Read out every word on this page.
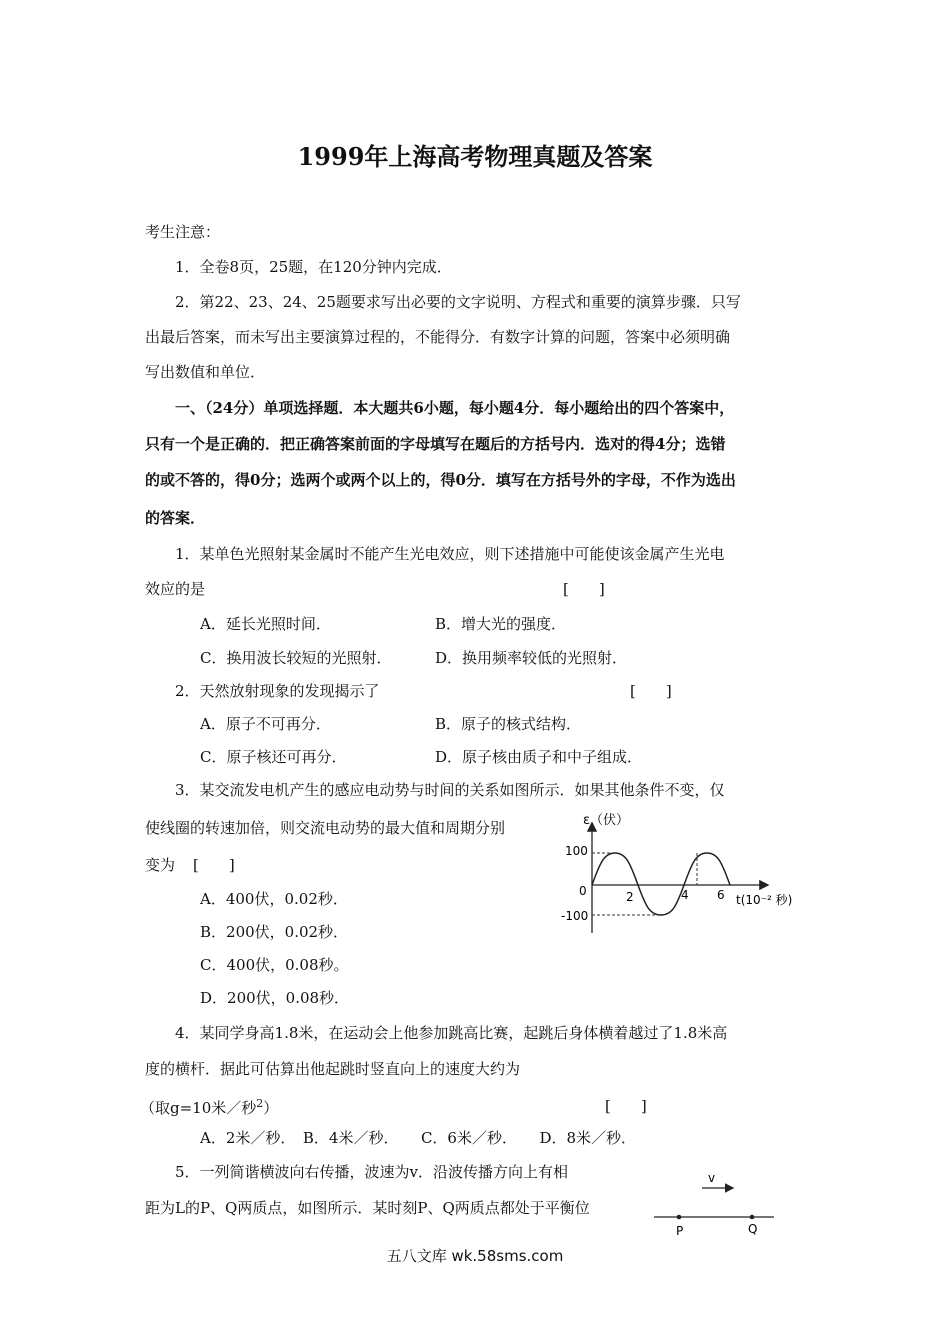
1999年上海高考物理真题及答案
考生注意：
1．全卷8页，25题，在120分钟内完成．
2．第22、23、24、25题要求写出必要的文字说明、方程式和重要的演算步骤．只写
出最后答案，而未写出主要演算过程的，不能得分．有数字计算的问题，答案中必须明确
写出数值和单位．
一、（24分）单项选择题．本大题共6小题，每小题4分．每小题给出的四个答案中，
只有一个是正确的．把正确答案前面的字母填写在题后的方括号内．选对的得4分；选错
的或不答的，得0分；选两个或两个以上的，得0分．填写在方括号外的字母，不作为选出
的答案．
1．某单色光照射某金属时不能产生光电效应，则下述措施中可能使该金属产生光电
效应的是	[　　]
A．延长光照时间．	B．增大光的强度．
C．换用波长较短的光照射．	D．换用频率较低的光照射．
2．天然放射现象的发现揭示了	[　　]
A．原子不可再分．	B．原子的核式结构．
C．原子核还可再分．	D．原子核由质子和中子组成．
3．某交流发电机产生的感应电动势与时间的关系如图所示．如果其他条件不变，仅
使线圈的转速加倍，则交流电动势的最大值和周期分别
变为 [　　]
A．400伏，0.02秒．
B．200伏，0.02秒．
C．400伏，0.08秒。
D．200伏，0.08秒．
ε（伏）
100
0
-100
2	4 6 t(10⁻² 秒)
4．某同学身高1.8米，在运动会上他参加跳高比赛，起跳后身体横着越过了1.8米高
度的横杆．据此可估算出他起跳时竖直向上的速度大约为
（取g=10米／秒$^2$）	[　　]
A．2米／秒．　B．4米／秒．　　C．6米／秒．　　D．8米／秒．
5．一列简谐横波向右传播，波速为v．沿波传播方向上有相
距为L的P、Q两质点，如图所示．某时刻P、Q两质点都处于平衡位
v
P	Q
五八文库 wk.58sms.com
